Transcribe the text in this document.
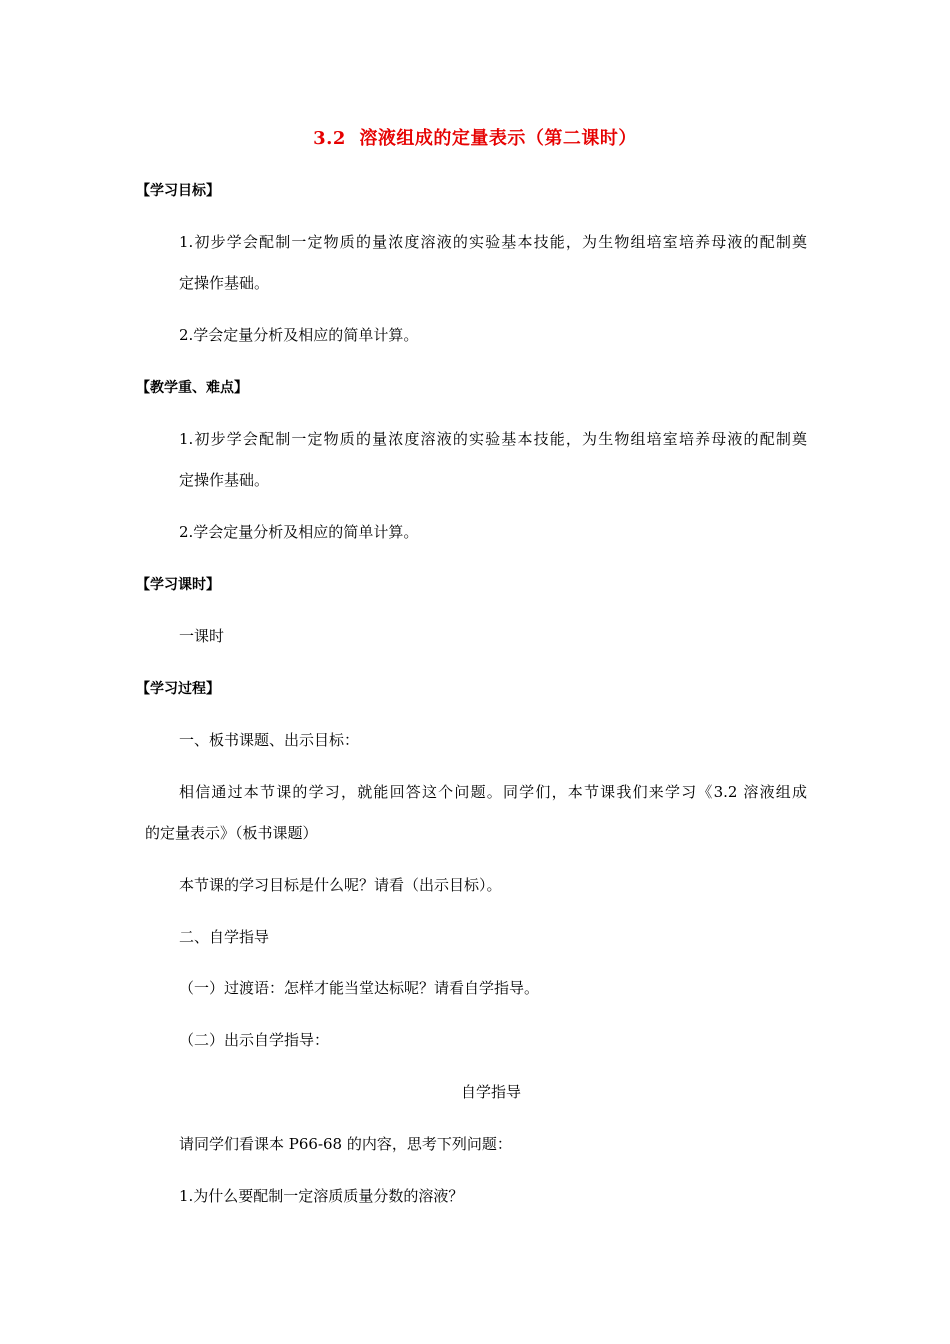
3.2  溶液组成的定量表示（第二课时）
【学习目标】
1.初步学会配制一定物质的量浓度溶液的实验基本技能，为生物组培室培养母液的配制奠
定操作基础。
2.学会定量分析及相应的简单计算。
【教学重、难点】
1.初步学会配制一定物质的量浓度溶液的实验基本技能，为生物组培室培养母液的配制奠
定操作基础。
2.学会定量分析及相应的简单计算。
【学习课时】
一课时
【学习过程】
一、板书课题、出示目标：
相信通过本节课的学习，就能回答这个问题。同学们，本节课我们来学习《3.2 溶液组成
的定量表示》（板书课题）
本节课的学习目标是什么呢？请看（出示目标）。
二、自学指导
（一）过渡语：怎样才能当堂达标呢？请看自学指导。
（二）出示自学指导：
自学指导
请同学们看课本 P66-68 的内容，思考下列问题：
1.为什么要配制一定溶质质量分数的溶液？
